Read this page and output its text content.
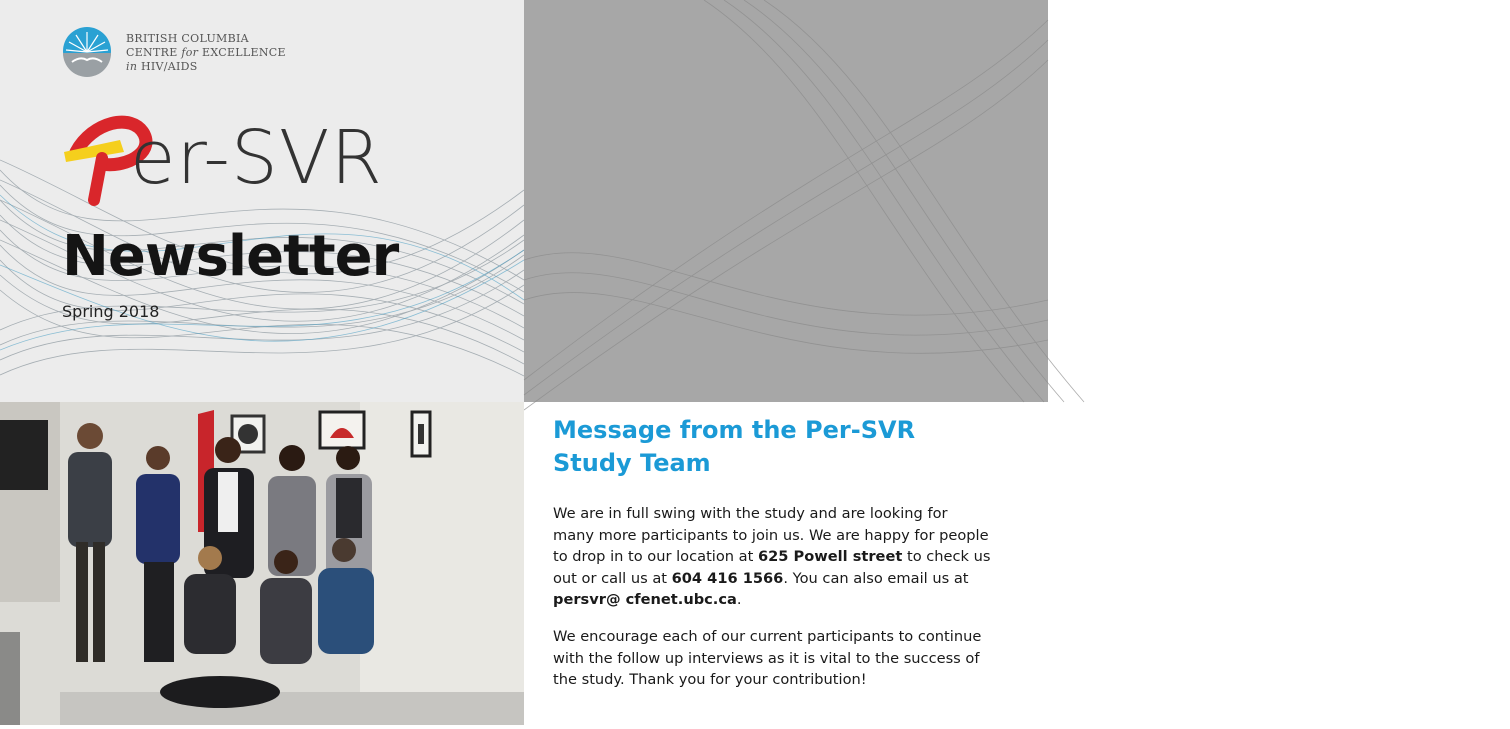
BRITISH COLUMBIA
CENTRE for EXCELLENCE
in HIV/AIDS
er-SVR
Newsletter
Spring 2018

Per-SVR (PrEseRvation of Sustained Virologic Response) pronounced as “persevere” is a study of people who have been successfully treated of “Hep C” Virus (HCV) infection using Direct Acting Antivirals (DAA) therapy. The aim is to learn more about people’s health care needs and the factors that protect against reinfection to prevent future infections/ reinfections in the community. The hope is this information will be useful in developing polices and services for those affected by HCV.

Message from the Per-SVR Study Team

We are in full swing with the study and are looking for many more participants to join us. We are happy for people to drop in to our location at 625 Powell street to check us out or call us at 604 416 1566. You can also email us at persvr@ cfenet.ubc.ca.

We encourage each of our current participants to continue with the follow up interviews as it is vital to the success of the study. Thank you for your contribution!
